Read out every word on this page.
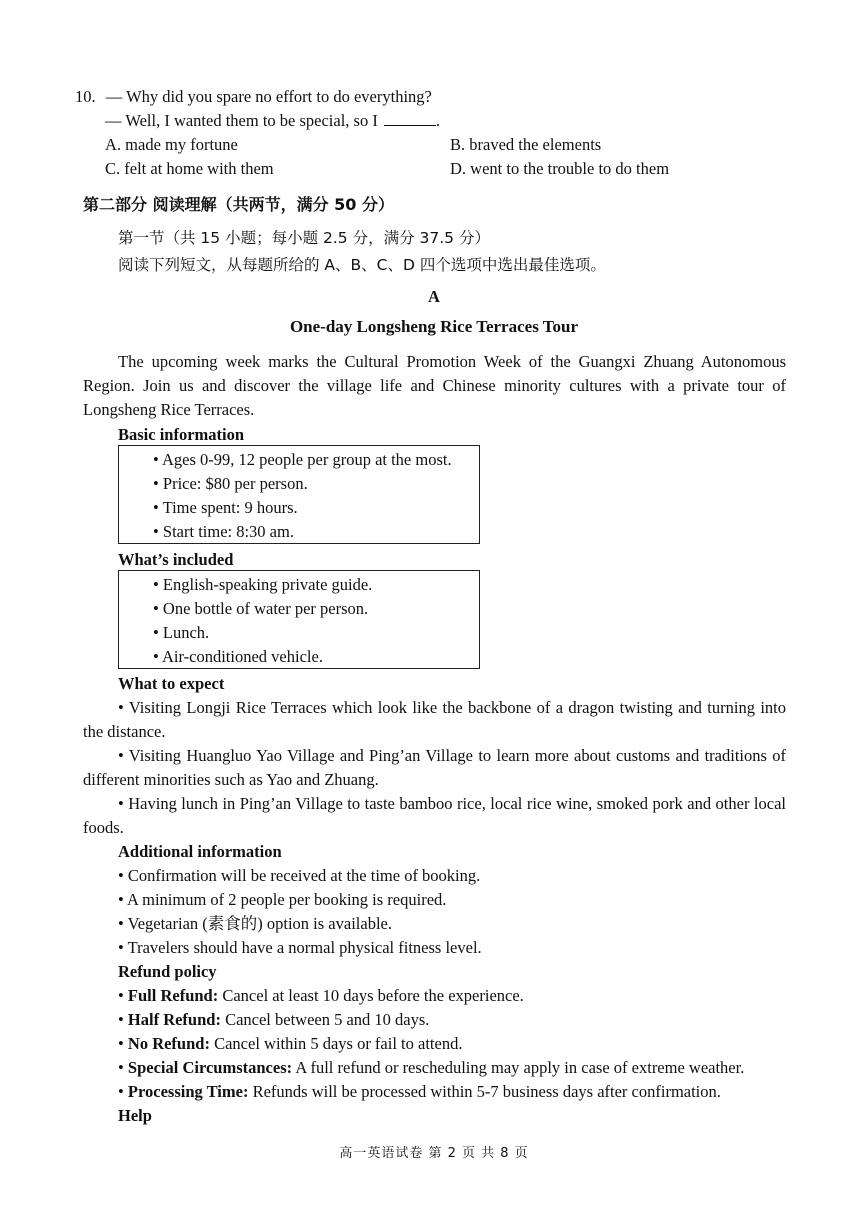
10. — Why did you spare no effort to do everything?
— Well, I wanted them to be special, so I	.
A. made my fortune	B. braved the elements
C. felt at home with them	D. went to the trouble to do them
第二部分 阅读理解（共两节，满分 50 分）
第一节（共 15 小题；每小题 2.5 分，满分 37.5 分）
阅读下列短文，从每题所给的 A、B、C、D 四个选项中选出最佳选项。
A
One-day Longsheng Rice Terraces Tour
The upcoming week marks the Cultural Promotion Week of the Guangxi Zhuang Autonomous Region. Join us and discover the village life and Chinese minority cultures with a private tour of Longsheng Rice Terraces.
Basic information
• Ages 0-99, 12 people per group at the most.
• Price: $80 per person.
• Time spent: 9 hours.
• Start time: 8:30 am.
What’s included
• English-speaking private guide.
• One bottle of water per person.
• Lunch.
• Air-conditioned vehicle.
What to expect
• Visiting Longji Rice Terraces which look like the backbone of a dragon twisting and turning into the distance.
• Visiting Huangluo Yao Village and Ping’an Village to learn more about customs and traditions of different minorities such as Yao and Zhuang.
• Having lunch in Ping’an Village to taste bamboo rice, local rice wine, smoked pork and other local foods.
Additional information
• Confirmation will be received at the time of booking.
• A minimum of 2 people per booking is required.
• Vegetarian (素食的) option is available.
• Travelers should have a normal physical fitness level.
Refund policy
• Full Refund: Cancel at least 10 days before the experience.
• Half Refund: Cancel between 5 and 10 days.
• No Refund: Cancel within 5 days or fail to attend.
• Special Circumstances: A full refund or rescheduling may apply in case of extreme weather.
• Processing Time: Refunds will be processed within 5-7 business days after confirmation.
Help
高一英语试卷 第 2 页 共 8 页
